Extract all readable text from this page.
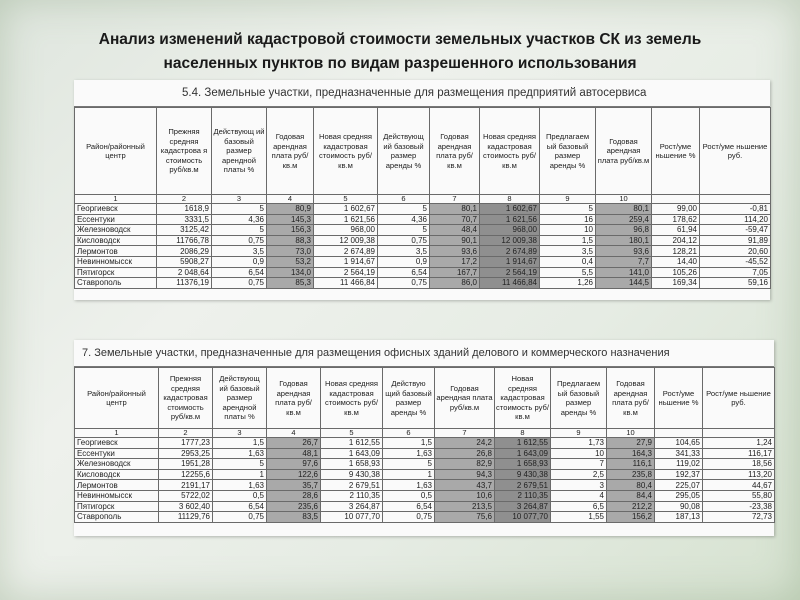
Анализ изменений кадастровой стоимости земельных участков СК из земель
населенных пунктов по видам разрешенного использования
5.4. Земельные участки, предназначенные для размещения предприятий автосервиса
Район/районный центр	Прежняя средняя кадастрова я стоимость руб/кв.м	Действующ ий базовый размер арендной платы %	Годовая арендная плата руб/кв.м	Новая средняя кадастровая стоимость руб/кв.м	Действующ ий базовый размер аренды %	Годовая арендная плата руб/кв.м	Новая средняя кадастровая стоимость руб/кв.м	Предлагаем ый базовый размер аренды %	Годовая арендная плата руб/кв.м	Рост/уме ньшение %	Рост/уме ньшение руб.
1	2	3	4	5	6	7	8	9	10		
Георгиевск	1618,9	5	80,9	1 602,67	5	80,1	1 602,67	5	80,1	99,00	-0,81
Ессентуки	3331,5	4,36	145,3	1 621,56	4,36	70,7	1 621,56	16	259,4	178,62	114,20
Железноводск	3125,42	5	156,3	968,00	5	48,4	968,00	10	96,8	61,94	-59,47
Кисловодск	11766,78	0,75	88,3	12 009,38	0,75	90,1	12 009,38	1,5	180,1	204,12	91,89
Лермонтов	2086,29	3,5	73,0	2 674,89	3,5	93,6	2 674,89	3,5	93,6	128,21	20,60
Невинномысск	5908,27	0,9	53,2	1 914,67	0,9	17,2	1 914,67	0,4	7,7	14,40	-45,52
Пятигорск	2 048,64	6,54	134,0	2 564,19	6,54	167,7	2 564,19	5,5	141,0	105,26	7,05
Ставрополь	11376,19	0,75	85,3	11 466,84	0,75	86,0	11 466,84	1,26	144,5	169,34	59,16
7. Земельные участки, предназначенные для размещения офисных зданий делового и коммерческого назначения
Район/районный центр	Прежняя средняя кадастровая стоимость руб/кв.м	Действующ ий базовый размер арендной платы %	Годовая арендная плата руб/кв.м	Новая средняя кадастровая стоимость руб/кв.м	Действую щий базовый размер аренды %	Годовая арендная плата руб/кв.м	Новая средняя кадастровая стоимость руб/кв.м	Предлагаем ый базовый размер аренды %	Годовая арендная плата руб/кв.м	Рост/уме ньшение %	Рост/уме ньшение руб.
1	2	3	4	5	6	7	8	9	10		
Георгиевск	1777,23	1,5	26,7	1 612,55	1,5	24,2	1 612,55	1,73	27,9	104,65	1,24
Ессентуки	2953,25	1,63	48,1	1 643,09	1,63	26,8	1 643,09	10	164,3	341,33	116,17
Железноводск	1951,28	5	97,6	1 658,93	5	82,9	1 658,93	7	116,1	119,02	18,56
Кисловодск	12255,6	1	122,6	9 430,38	1	94,3	9 430,38	2,5	235,8	192,37	113,20
Лермонтов	2191,17	1,63	35,7	2 679,51	1,63	43,7	2 679,51	3	80,4	225,07	44,67
Невинномысск	5722,02	0,5	28,6	2 110,35	0,5	10,6	2 110,35	4	84,4	295,05	55,80
Пятигорск	3 602,40	6,54	235,6	3 264,87	6,54	213,5	3 264,87	6,5	212,2	90,08	-23,38
Ставрополь	11129,76	0,75	83,5	10 077,70	0,75	75,6	10 077,70	1,55	156,2	187,13	72,73
